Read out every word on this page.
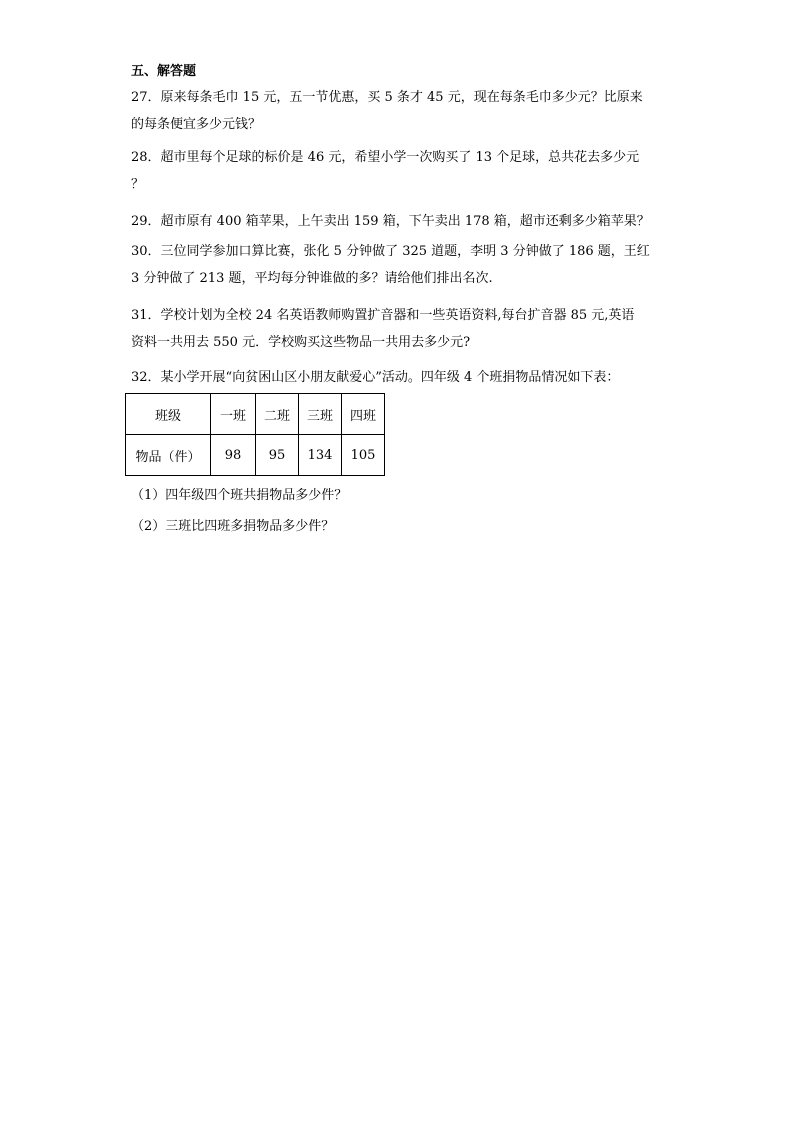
五、解答题
27．原来每条毛巾 15 元，五一节优惠，买 5 条才 45 元，现在每条毛巾多少元？比原来
的每条便宜多少元钱？
28．超市里每个足球的标价是 46 元，希望小学一次购买了 13 个足球，总共花去多少元
？
29．超市原有 400 箱苹果，上午卖出 159 箱，下午卖出 178 箱，超市还剩多少箱苹果？
30．三位同学参加口算比赛，张化 5 分钟做了 325 道题，李明 3 分钟做了 186 题，王红
3 分钟做了 213 题，平均每分钟谁做的多？请给他们排出名次.
31．学校计划为全校 24 名英语教师购置扩音器和一些英语资料,每台扩音器 85 元,英语
资料一共用去 550 元．学校购买这些物品一共用去多少元?
32．某小学开展“向贫困山区小朋友献爱心”活动。四年级 4 个班捐物品情况如下表：
班级	一班	二班	三班	四班
物品（件）	98	95	134	105
（1）四年级四个班共捐物品多少件？
（2）三班比四班多捐物品多少件？
